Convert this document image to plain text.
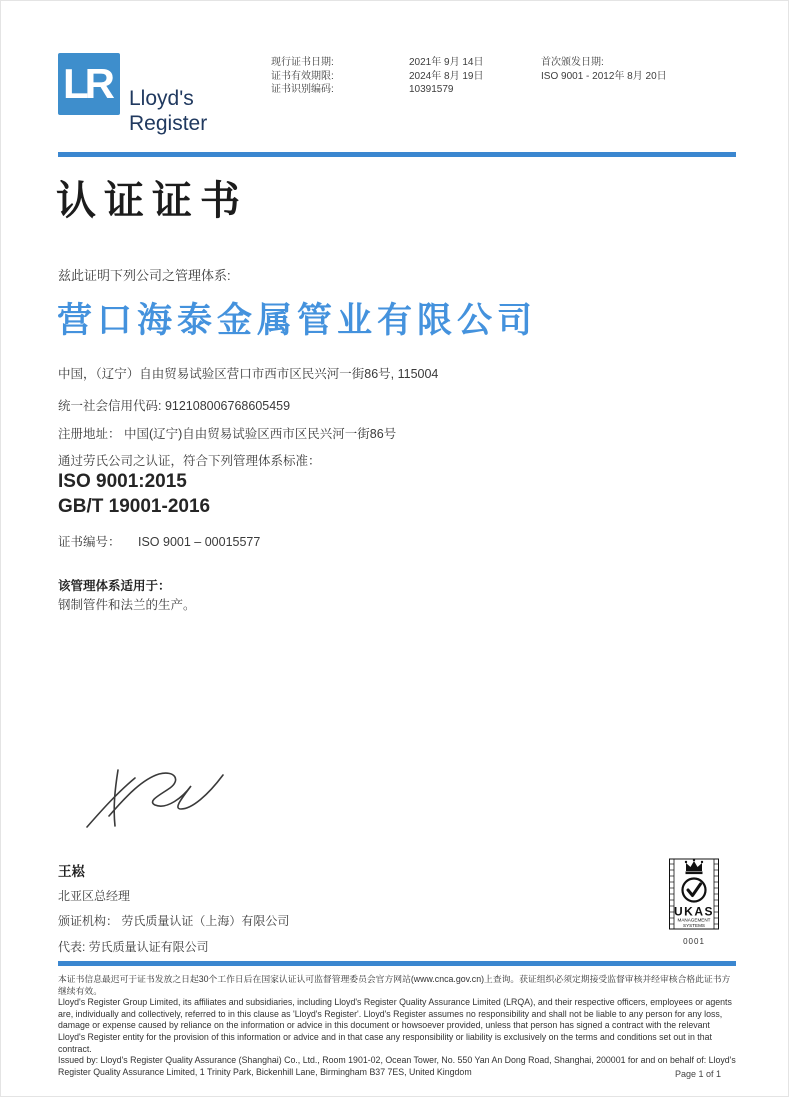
LR Lloyd's
Register
现行证书日期:	2021年 9月 14日	首次颁发日期:
证书有效期限:	2024年 8月 19日	ISO 9001 - 2012年 8月 20日
证书识别编码:	10391579
认证证书
兹此证明下列公司之管理体系:
营口海泰金属管业有限公司
中国，（辽宁）自由贸易试验区营口市西市区民兴河一街86号, 115004
统一社会信用代码: 912108006768605459
注册地址： 中国(辽宁)自由贸易试验区西市区民兴河一街86号
通过劳氏公司之认证，符合下列管理体系标准：
ISO 9001:2015
GB/T 19001-2016
证书编号： ISO 9001 – 00015577
该管理体系适用于：
钢制管件和法兰的生产。
王崧
北亚区总经理
颁证机构： 劳氏质量认证（上海）有限公司
代表: 劳氏质量认证有限公司
UKAS
MANAGEMENT
SYSTEMS
0001

本证书信息最迟可于证书发放之日起30个工作日后在国家认证认可监督管理委员会官方网站(www.cnca.gov.cn)上查询。获证组织必须定期接受监督审核并经审核合格此证书方继续有效。

Lloyd's Register Group Limited, its affiliates and subsidiaries, including Lloyd's Register Quality Assurance Limited (LRQA), and their respective officers, employees or agents are, individually and collectively, referred to in this clause as 'Lloyd's Register'. Lloyd's Register assumes no responsibility and shall not be liable to any person for any loss, damage or expense caused by reliance on the information or advice in this document or howsoever provided, unless that person has signed a contract with the relevant Lloyd's Register entity for the provision of this information or advice and in that case any responsibility or liability is exclusively on the terms and conditions set out in that contract.

Issued by: Lloyd's Register Quality Assurance (Shanghai) Co., Ltd., Room 1901-02, Ocean Tower, No. 550 Yan An Dong Road, Shanghai, 200001 for and on behalf of: Lloyd's Register Quality Assurance Limited, 1 Trinity Park, Bickenhill Lane, Birmingham B37 7ES, United Kingdom	Page 1 of 1
